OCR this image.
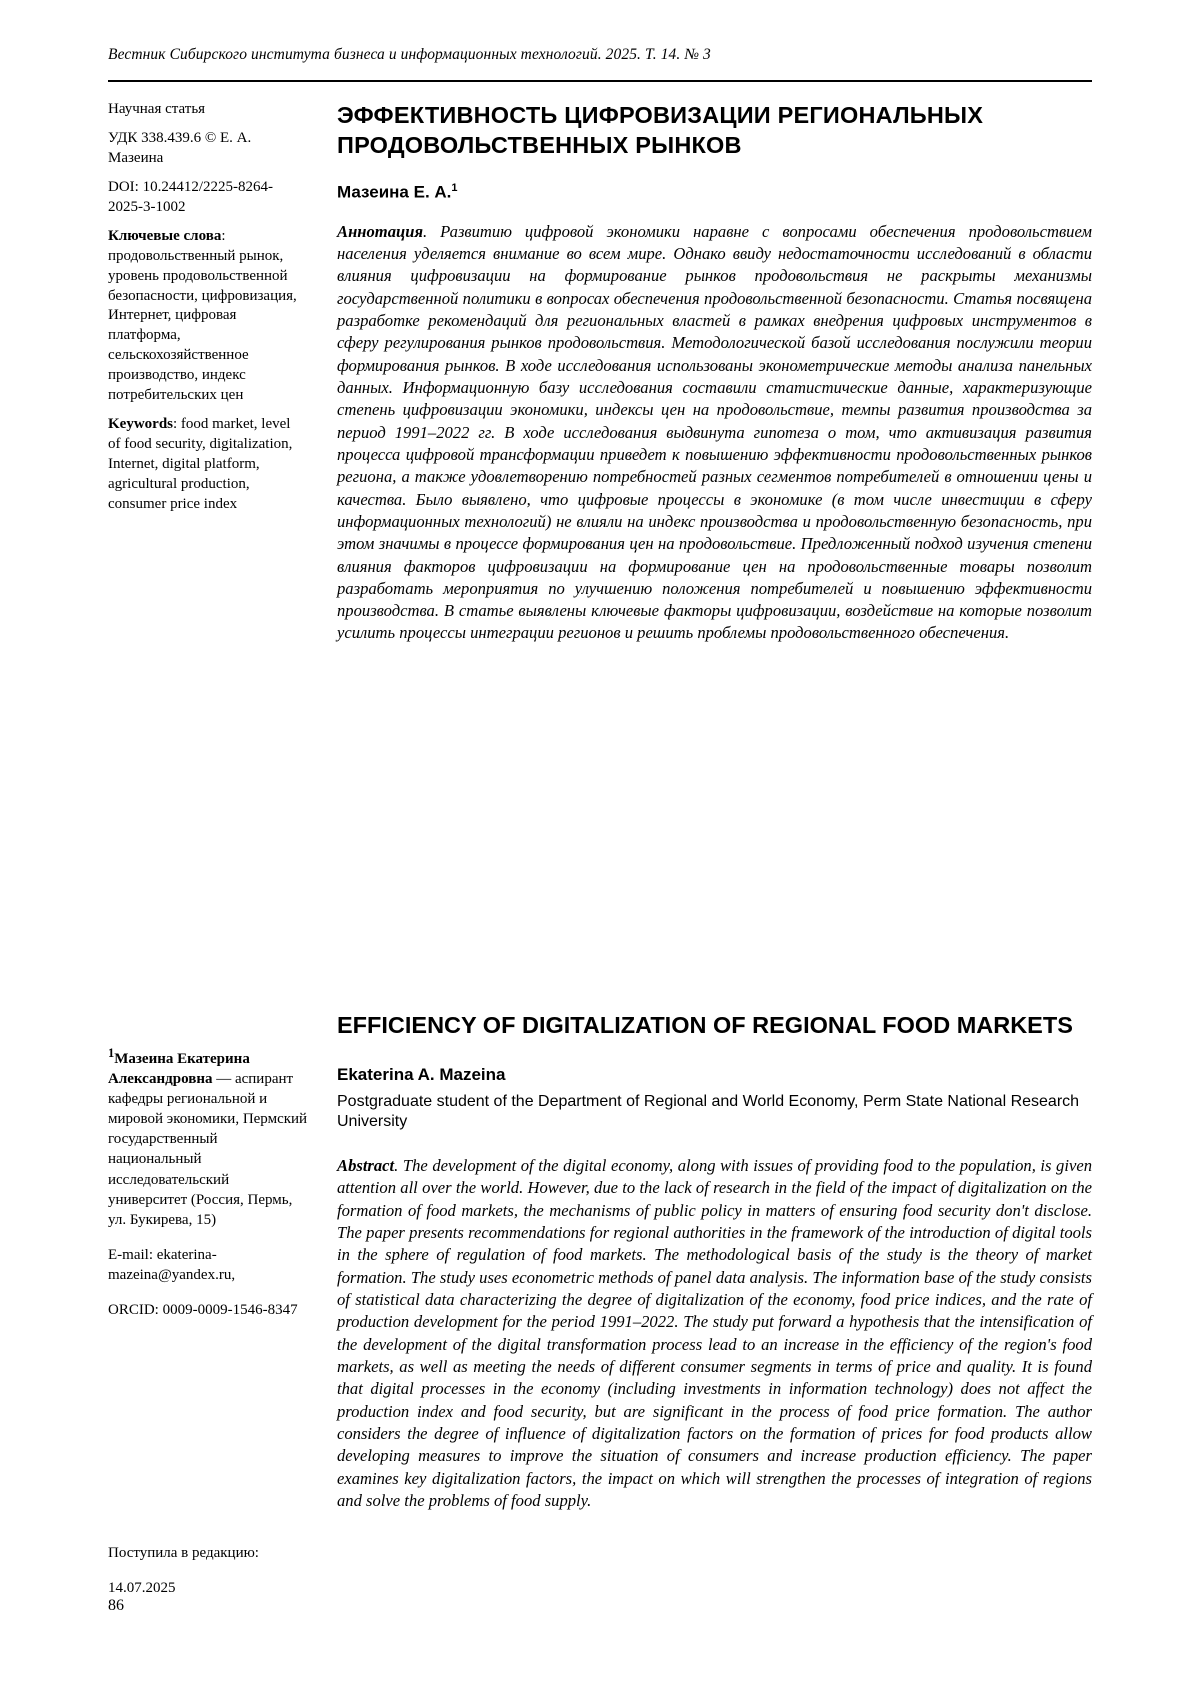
Вестник Сибирского института бизнеса и информационных технологий. 2025. Т. 14. № 3

Научная статья

УДК 338.439.6 © Е. А. Мазеина

DOI: 10.24412/2225-8264-2025-3-1002

Ключевые слова: продовольственный рынок, уровень продовольственной безопасности, цифровизация, Интернет, цифровая платформа, сельскохозяйственное производство, индекс потребительских цен

Keywords: food market, level of food security, digitalization, Internet, digital platform, agricultural production, consumer price index

$^1$Мазеина Екатерина Александровна — аспирант кафедры региональной и мировой экономики, Пермский государственный национальный исследовательский университет (Россия, Пермь, ул. Букирева, 15)

E-mail: ekaterina-mazeina@yandex.ru,

ORCID: 0009-0009-1546-8347

Поступила в редакцию:

14.07.2025

86
ЭФФЕКТИВНОСТЬ ЦИФРОВИЗАЦИИ РЕГИОНАЛЬНЫХ ПРОДОВОЛЬСТВЕННЫХ РЫНКОВ

Мазеина Е. А.$^1$

Аннотация. Развитию цифровой экономики наравне с вопросами обеспечения продовольствием населения уделяется внимание во всем мире. Однако ввиду недостаточности исследований в области влияния цифровизации на формирование рынков продовольствия не раскрыты механизмы государственной политики в вопросах обеспечения продовольственной безопасности. Статья посвящена разработке рекомендаций для региональных властей в рамках внедрения цифровых инструментов в сферу регулирования рынков продовольствия. Методологической базой исследования послужили теории формирования рынков. В ходе исследования использованы эконометрические методы анализа панельных данных. Информационную базу исследования составили статистические данные, характеризующие степень цифровизации экономики, индексы цен на продовольствие, темпы развития производства за период 1991–2022 гг. В ходе исследования выдвинута гипотеза о том, что активизация развития процесса цифровой трансформации приведет к повышению эффективности продовольственных рынков региона, а также удовлетворению потребностей разных сегментов потребителей в отношении цены и качества. Было выявлено, что цифровые процессы в экономике (в том числе инвестиции в сферу информационных технологий) не влияли на индекс производства и продовольственную безопасность, при этом значимы в процессе формирования цен на продовольствие. Предложенный подход изучения степени влияния факторов цифровизации на формирование цен на продовольственные товары позволит разработать мероприятия по улучшению положения потребителей и повышению эффективности производства. В статье выявлены ключевые факторы цифровизации, воздействие на которые позволит усилить процессы интеграции регионов и решить проблемы продовольственного обеспечения.

EFFICIENCY OF DIGITALIZATION OF REGIONAL FOOD MARKETS

Ekaterina A. Mazeina

Postgraduate student of the Department of Regional and World Economy, Perm State National Research University

Abstract. The development of the digital economy, along with issues of providing food to the population, is given attention all over the world. However, due to the lack of research in the field of the impact of digitalization on the formation of food markets, the mechanisms of public policy in matters of ensuring food security don't disclose. The paper presents recommendations for regional authorities in the framework of the introduction of digital tools in the sphere of regulation of food markets. The methodological basis of the study is the theory of market formation. The study uses econometric methods of panel data analysis. The information base of the study consists of statistical data characterizing the degree of digitalization of the economy, food price indices, and the rate of production development for the period 1991–2022. The study put forward a hypothesis that the intensification of the development of the digital transformation process lead to an increase in the efficiency of the region's food markets, as well as meeting the needs of different consumer segments in terms of price and quality. It is found that digital processes in the economy (including investments in information technology) does not affect the production index and food security, but are significant in the process of food price formation. The author considers the degree of influence of digitalization factors on the formation of prices for food products allow developing measures to improve the situation of consumers and increase production efficiency. The paper examines key digitalization factors, the impact on which will strengthen the processes of integration of regions and solve the problems of food supply.
